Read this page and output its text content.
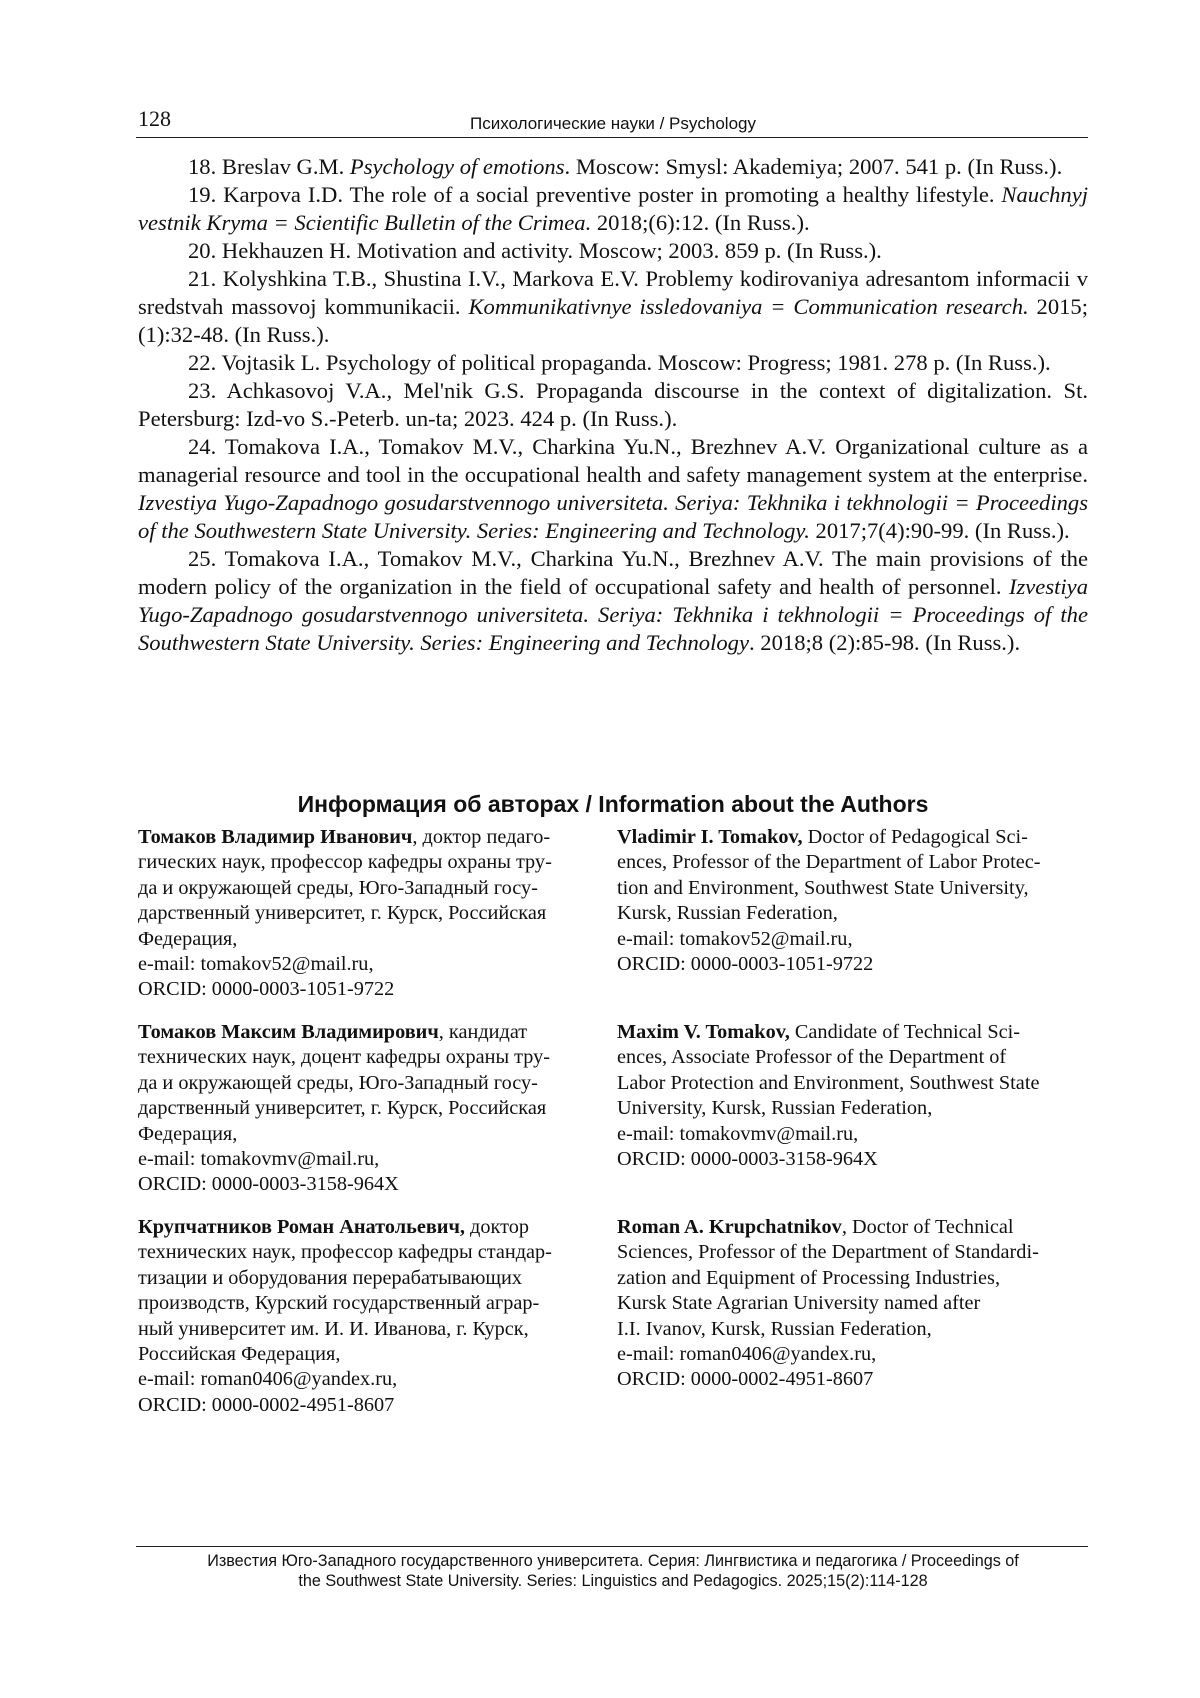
128	Психологические науки / Psychology

18. Breslav G.M. Psychology of emotions. Moscow: Smysl: Akademiya; 2007. 541 p. (In Russ.).

19. Karpova I.D. The role of a social preventive poster in promoting a healthy lifestyle. Nauchnyj vestnik Kryma = Scientific Bulletin of the Crimea. 2018;(6):12. (In Russ.).

20. Hekhauzen H. Motivation and activity. Moscow; 2003. 859 p. (In Russ.).

21. Kolyshkina T.B., Shustina I.V., Markova E.V. Problemy kodirovaniya adresantom informacii v sredstvah massovoj kommunikacii. Kommunikativnye issledovaniya = Communication research. 2015;(1):32-48. (In Russ.).

22. Vojtasik L. Psychology of political propaganda. Moscow: Progress; 1981. 278 p. (In Russ.).

23. Achkasovoj V.A., Mel'nik G.S. Propaganda discourse in the context of digitalization. St. Petersburg: Izd-vo S.-Peterb. un-ta; 2023. 424 p. (In Russ.).

24. Tomakova I.A., Tomakov M.V., Charkina Yu.N., Brezhnev A.V. Organizational culture as a managerial resource and tool in the occupational health and safety management system at the enterprise. Izvestiya Yugo-Zapadnogo gosudarstvennogo universiteta. Seriya: Tekhnika i tekhnologii = Proceedings of the Southwestern State University. Series: Engineering and Technology. 2017;7(4):90-99. (In Russ.).

25. Tomakova I.A., Tomakov M.V., Charkina Yu.N., Brezhnev A.V. The main provisions of the modern policy of the organization in the field of occupational safety and health of personnel. Izvestiya Yugo-Zapadnogo gosudarstvennogo universiteta. Seriya: Tekhnika i tekhnologii = Proceedings of the Southwestern State University. Series: Engineering and Technology. 2018;8 (2):85-98. (In Russ.).

Информация об авторах / Information about the Authors
Томаков Владимир Иванович, доктор педаго-
гических наук, профессор кафедры охраны тру-
да и окружающей среды, Юго-Западный госу-
дарственный университет, г. Курск, Российская
Федерация,
e-mail: tomakov52@mail.ru,
ORCID: 0000-0003-1051-9722
Vladimir I. Tomakov, Doctor of Pedagogical Sci-
ences, Professor of the Department of Labor Protec-
tion and Environment, Southwest State University,
Kursk, Russian Federation,
e-mail: tomakov52@mail.ru,
ORCID: 0000-0003-1051-9722
Томаков Максим Владимирович, кандидат
технических наук, доцент кафедры охраны тру-
да и окружающей среды, Юго-Западный госу-
дарственный университет, г. Курск, Российская
Федерация,
e-mail: tomakovmv@mail.ru,
ORCID: 0000-0003-3158-964X
Maxim V. Tomakov, Candidate of Technical Sci-
ences, Associate Professor of the Department of
Labor Protection and Environment, Southwest State
University, Kursk, Russian Federation,
e-mail: tomakovmv@mail.ru,
ORCID: 0000-0003-3158-964X
Крупчатников Роман Анатольевич, доктор
технических наук, профессор кафедры стандар-
тизации и оборудования перерабатывающих
производств, Курский государственный аграр-
ный университет им. И. И. Иванова, г. Курск,
Российская Федерация,
e-mail: roman0406@yandex.ru,
ORCID: 0000-0002-4951-8607
Roman A. Krupchatnikov, Doctor of Technical
Sciences, Professor of the Department of Standardi-
zation and Equipment of Processing Industries,
Kursk State Agrarian University named after
I.I. Ivanov, Kursk, Russian Federation,
e-mail: roman0406@yandex.ru,
ORCID: 0000-0002-4951-8607
Известия Юго-Западного государственного университета. Серия: Лингвистика и педагогика / Proceedings of
the Southwest State University. Series: Linguistics and Pedagogics. 2025;15(2):114-128
